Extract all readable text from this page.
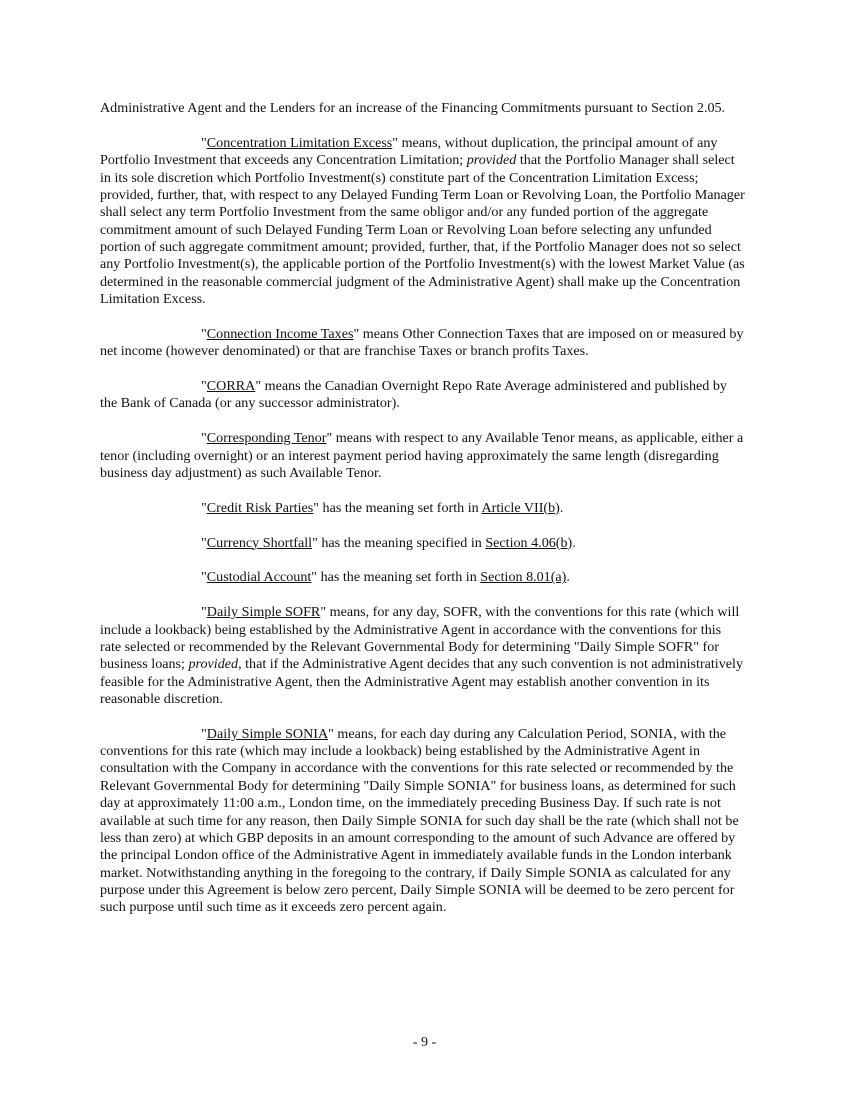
Administrative Agent and the Lenders for an increase of the Financing Commitments pursuant to Section 2.05.

"Concentration Limitation Excess" means, without duplication, the principal amount of any Portfolio Investment that exceeds any Concentration Limitation; provided that the Portfolio Manager shall select in its sole discretion which Portfolio Investment(s) constitute part of the Concentration Limitation Excess; provided, further, that, with respect to any Delayed Funding Term Loan or Revolving Loan, the Portfolio Manager shall select any term Portfolio Investment from the same obligor and/or any funded portion of the aggregate commitment amount of such Delayed Funding Term Loan or Revolving Loan before selecting any unfunded portion of such aggregate commitment amount; provided, further, that, if the Portfolio Manager does not so select any Portfolio Investment(s), the applicable portion of the Portfolio Investment(s) with the lowest Market Value (as determined in the reasonable commercial judgment of the Administrative Agent) shall make up the Concentration Limitation Excess.

"Connection Income Taxes" means Other Connection Taxes that are imposed on or measured by net income (however denominated) or that are franchise Taxes or branch profits Taxes.

"CORRA" means the Canadian Overnight Repo Rate Average administered and published by the Bank of Canada (or any successor administrator).

"Corresponding Tenor" means with respect to any Available Tenor means, as applicable, either a tenor (including overnight) or an interest payment period having approximately the same length (disregarding business day adjustment) as such Available Tenor.

"Credit Risk Parties" has the meaning set forth in Article VII(b).

"Currency Shortfall" has the meaning specified in Section 4.06(b).

"Custodial Account" has the meaning set forth in Section 8.01(a).

"Daily Simple SOFR" means, for any day, SOFR, with the conventions for this rate (which will include a lookback) being established by the Administrative Agent in accordance with the conventions for this rate selected or recommended by the Relevant Governmental Body for determining "Daily Simple SOFR" for business loans; provided, that if the Administrative Agent decides that any such convention is not administratively feasible for the Administrative Agent, then the Administrative Agent may establish another convention in its reasonable discretion.

"Daily Simple SONIA" means, for each day during any Calculation Period, SONIA, with the conventions for this rate (which may include a lookback) being established by the Administrative Agent in consultation with the Company in accordance with the conventions for this rate selected or recommended by the Relevant Governmental Body for determining "Daily Simple SONIA" for business loans, as determined for such day at approximately 11:00 a.m., London time, on the immediately preceding Business Day. If such rate is not available at such time for any reason, then Daily Simple SONIA for such day shall be the rate (which shall not be less than zero) at which GBP deposits in an amount corresponding to the amount of such Advance are offered by the principal London office of the Administrative Agent in immediately available funds in the London interbank market. Notwithstanding anything in the foregoing to the contrary, if Daily Simple SONIA as calculated for any purpose under this Agreement is below zero percent, Daily Simple SONIA will be deemed to be zero percent for such purpose until such time as it exceeds zero percent again.

- 9 -
